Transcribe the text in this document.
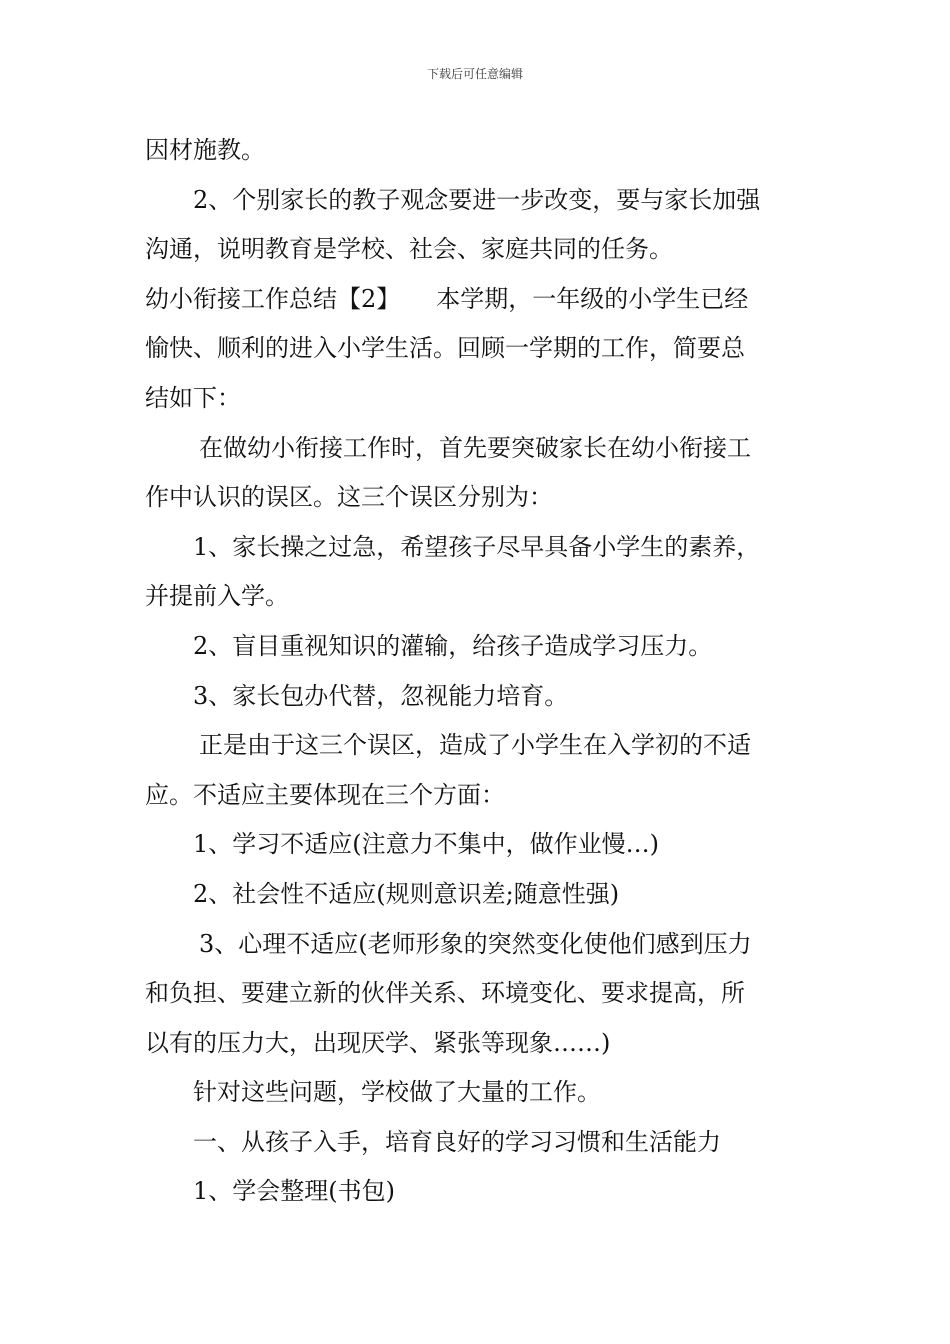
下载后可任意编辑
因材施教。
2、个别家长的教子观念要进一步改变，要与家长加强
沟通，说明教育是学校、社会、家庭共同的任务。
幼小衔接工作总结【2】 本学期，一年级的小学生已经
愉快、顺利的进入小学生活。回顾一学期的工作，简要总
结如下：
在做幼小衔接工作时，首先要突破家长在幼小衔接工
作中认识的误区。这三个误区分别为：
1、家长操之过急，希望孩子尽早具备小学生的素养，
并提前入学。
2、盲目重视知识的灌输，给孩子造成学习压力。
3、家长包办代替，忽视能力培育。
正是由于这三个误区，造成了小学生在入学初的不适
应。不适应主要体现在三个方面：
1、学习不适应(注意力不集中，做作业慢…)
2、社会性不适应(规则意识差;随意性强)
3、心理不适应(老师形象的突然变化使他们感到压力
和负担、要建立新的伙伴关系、环境变化、要求提高，所
以有的压力大，出现厌学、紧张等现象……)
针对这些问题，学校做了大量的工作。
一、从孩子入手，培育良好的学习习惯和生活能力
1、学会整理(书包)
